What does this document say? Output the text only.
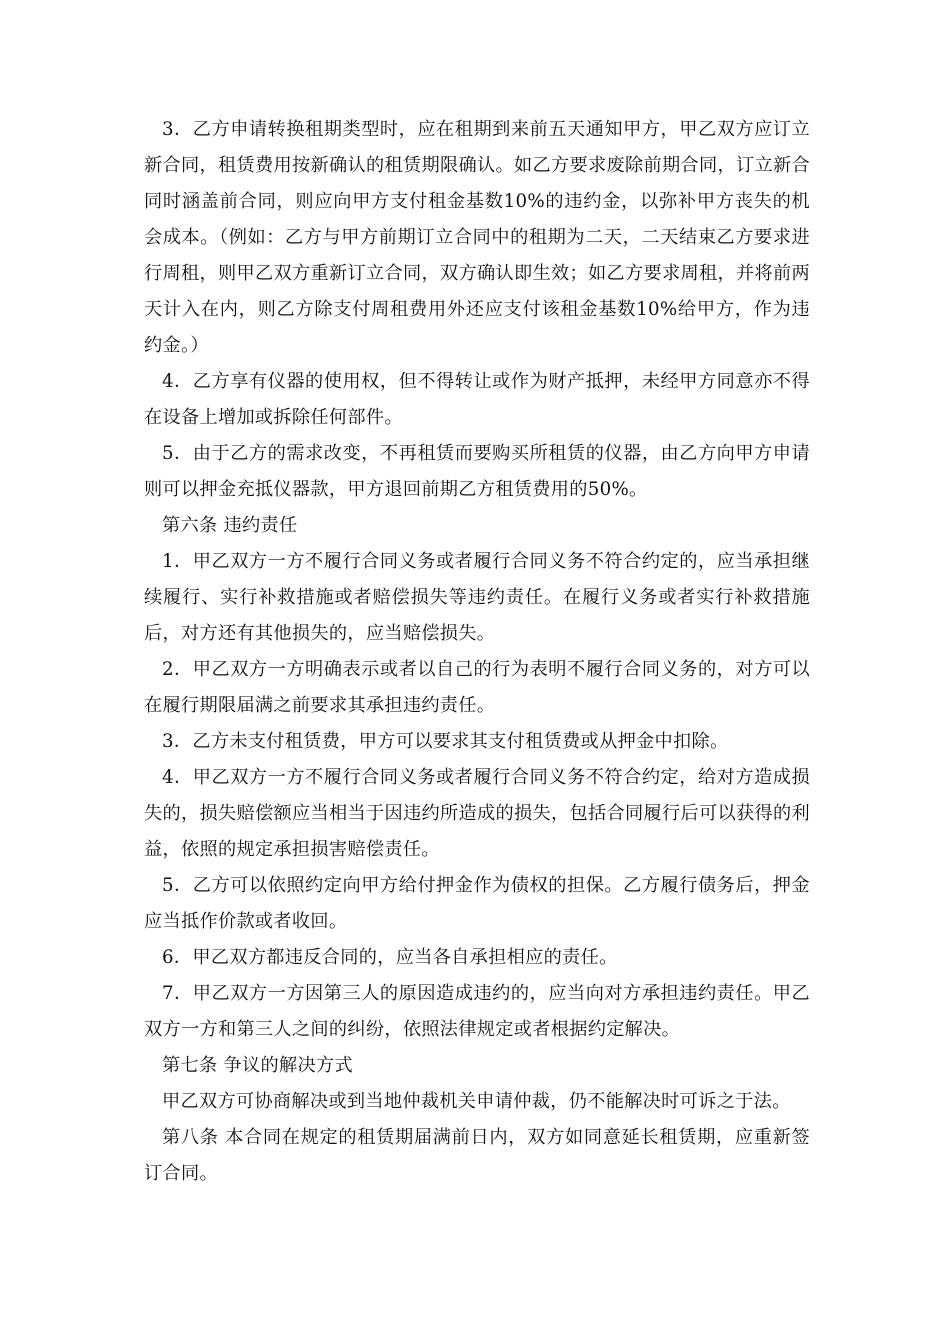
3．乙方申请转换租期类型时，应在租期到来前五天通知甲方，甲乙双方应订立新合同，租赁费用按新确认的租赁期限确认。如乙方要求废除前期合同，订立新合同时涵盖前合同，则应向甲方支付租金基数10%的违约金，以弥补甲方丧失的机会成本。（例如：乙方与甲方前期订立合同中的租期为二天，二天结束乙方要求进行周租，则甲乙双方重新订立合同，双方确认即生效；如乙方要求周租，并将前两天计入在内，则乙方除支付周租费用外还应支付该租金基数10%给甲方，作为违约金。）

4．乙方享有仪器的使用权，但不得转让或作为财产抵押，未经甲方同意亦不得在设备上增加或拆除任何部件。

5．由于乙方的需求改变，不再租赁而要购买所租赁的仪器，由乙方向甲方申请则可以押金充抵仪器款，甲方退回前期乙方租赁费用的50%。

第六条 违约责任

1．甲乙双方一方不履行合同义务或者履行合同义务不符合约定的，应当承担继续履行、实行补救措施或者赔偿损失等违约责任。在履行义务或者实行补救措施后，对方还有其他损失的，应当赔偿损失。

2．甲乙双方一方明确表示或者以自己的行为表明不履行合同义务的，对方可以在履行期限届满之前要求其承担违约责任。

3．乙方未支付租赁费，甲方可以要求其支付租赁费或从押金中扣除。

4．甲乙双方一方不履行合同义务或者履行合同义务不符合约定，给对方造成损失的，损失赔偿额应当相当于因违约所造成的损失，包括合同履行后可以获得的利益，依照的规定承担损害赔偿责任。

5．乙方可以依照约定向甲方给付押金作为债权的担保。乙方履行债务后，押金应当抵作价款或者收回。

6．甲乙双方都违反合同的，应当各自承担相应的责任。

7．甲乙双方一方因第三人的原因造成违约的，应当向对方承担违约责任。甲乙双方一方和第三人之间的纠纷，依照法律规定或者根据约定解决。

第七条 争议的解决方式

甲乙双方可协商解决或到当地仲裁机关申请仲裁，仍不能解决时可诉之于法。

第八条 本合同在规定的租赁期届满前日内，双方如同意延长租赁期，应重新签订合同。
